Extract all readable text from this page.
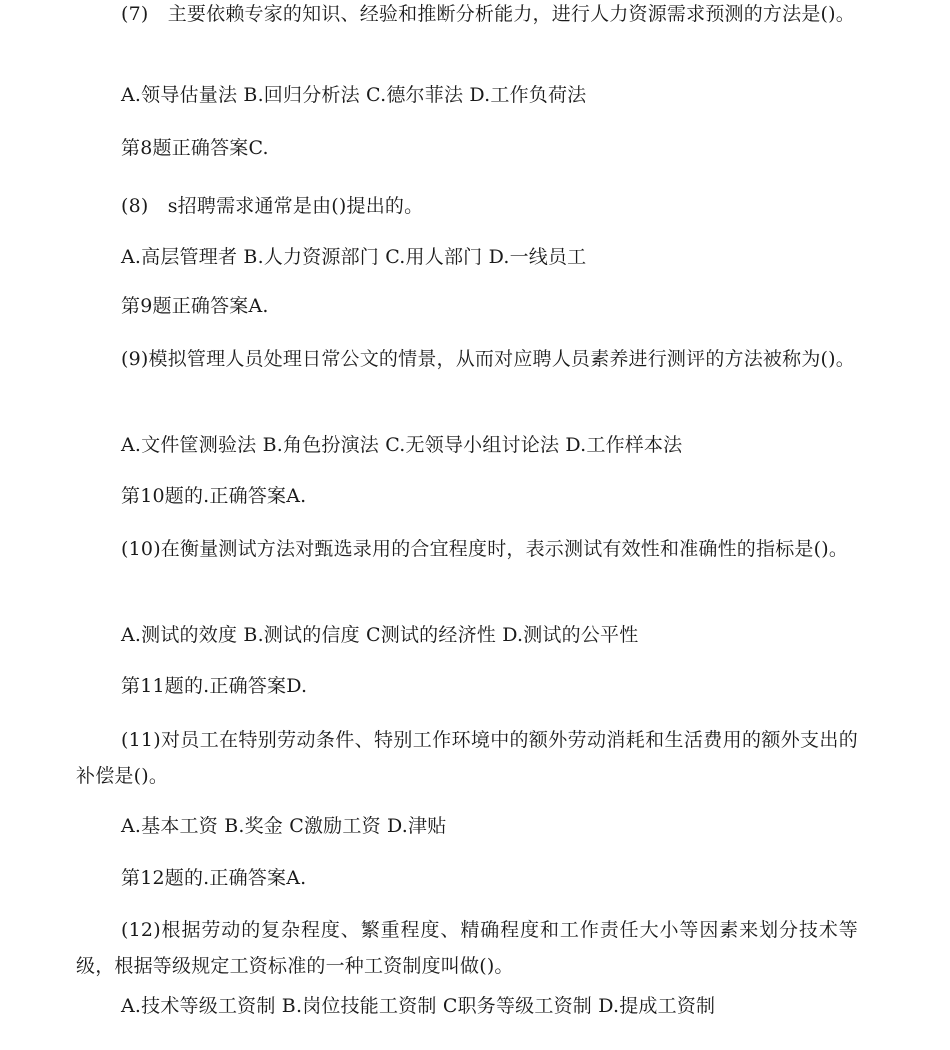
(7)　主要依赖专家的知识、经验和推断分析能力，进行人力资源需求预测的方法是()。
A.领导估量法 B.回归分析法 C.德尔菲法 D.工作负荷法
第8题正确答案C.
(8)　s招聘需求通常是由()提出的。
A.高层管理者 B.人力资源部门 C.用人部门 D.一线员工
第9题正确答案A.
(9)模拟管理人员处理日常公文的情景，从而对应聘人员素养进行测评的方法被称为()。
A.文件筐测验法 B.角色扮演法 C.无领导小组讨论法 D.工作样本法
第10题的.正确答案A.
(10)在衡量测试方法对甄选录用的合宜程度时，表示测试有效性和准确性的指标是()。
A.测试的效度 B.测试的信度 C测试的经济性 D.测试的公平性
第11题的.正确答案D.
(11)对员工在特别劳动条件、特别工作环境中的额外劳动消耗和生活费用的额外支出的补偿是()。
A.基本工资 B.奖金 C激励工资 D.津贴
第12题的.正确答案A.
(12)根据劳动的复杂程度、繁重程度、精确程度和工作责任大小等因素来划分技术等级，根据等级规定工资标准的一种工资制度叫做()。
A.技术等级工资制 B.岗位技能工资制 C职务等级工资制 D.提成工资制
